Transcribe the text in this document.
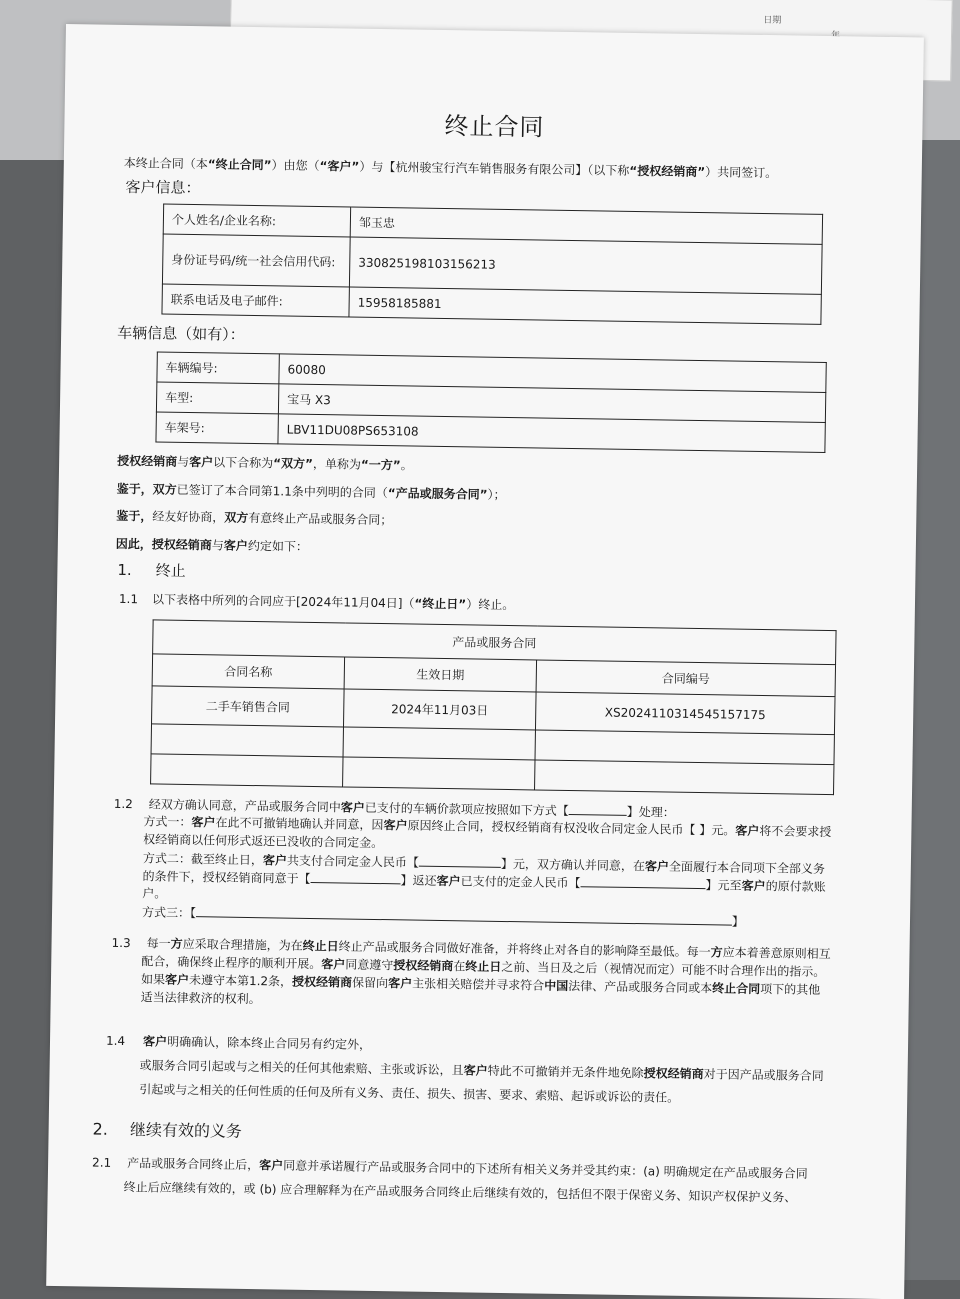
日期
终止合同
本终止合同（本“终止合同”）由您（“客户”）与【杭州骏宝行汽车销售服务有限公司】（以下称“授权经销商”）共同签订。
客户信息：
个人姓名/企业名称:	邹玉忠
身份证号码/统一社会信用代码:	330825198103156213
联系电话及电子邮件:	15958185881
车辆信息（如有）：
车辆编号:	60080
车型:	宝马 X3
车架号:	LBV11DU08PS653108
授权经销商与客户以下合称为“双方”，单称为“一方”。
鉴于，双方已签订了本合同第1.1条中列明的合同（“产品或服务合同”）；
鉴于，经友好协商，双方有意终止产品或服务合同；
因此，授权经销商与客户约定如下：
1. 终止
1.1 以下表格中所列的合同应于[2024年11月04日]（“终止日”）终止。
产品或服务合同		
合同名称	生效日期	合同编号
二手车销售合同	2024年11月03日	XS2024110314545157175

1.2 经双方确认同意，产品或服务合同中客户已支付的车辆价款项应按照如下方式【	】处理：
方式一：客户在此不可撤销地确认并同意，因客户原因终止合同，授权经销商有权没收合同定金人民币【 】元。客户将不会要求授
权经销商以任何形式返还已没收的合同定金。
方式二：截至终止日，客户共支付合同定金人民币【	】元，双方确认并同意，在客户全面履行本合同项下全部义务
的条件下，授权经销商同意于【	】返还客户已支付的定金人民币【	】元至客户的原付款账
户。
方式三：【】
1.3 每一方应采取合理措施，为在终止日终止产品或服务合同做好准备，并将终止对各自的影响降至最低。每一方应本着善意原则相互
配合，确保终止程序的顺利开展。客户同意遵守授权经销商在终止日之前、当日及之后（视情况而定）可能不时合理作出的指示。
如果客户未遵守本第1.2条，授权经销商保留向客户主张相关赔偿并寻求符合中国法律、产品或服务合同或本终止合同项下的其他
适当法律救济的权利。
1.4 客户明确确认，除本终止合同另有约定外，
或服务合同引起或与之相关的任何其他索赔、主张或诉讼，且客户特此不可撤销并无条件地免除授权经销商对于因产品或服务合同
引起或与之相关的任何性质的任何及所有义务、责任、损失、损害、要求、索赔、起诉或诉讼的责任。
2. 继续有效的义务
2.1 产品或服务合同终止后，客户同意并承诺履行产品或服务合同中的下述所有相关义务并受其约束：(a) 明确规定在产品或服务合同
终止后应继续有效的，或 (b) 应合理解释为在产品或服务合同终止后继续有效的，包括但不限于保密义务、知识产权保护义务、
